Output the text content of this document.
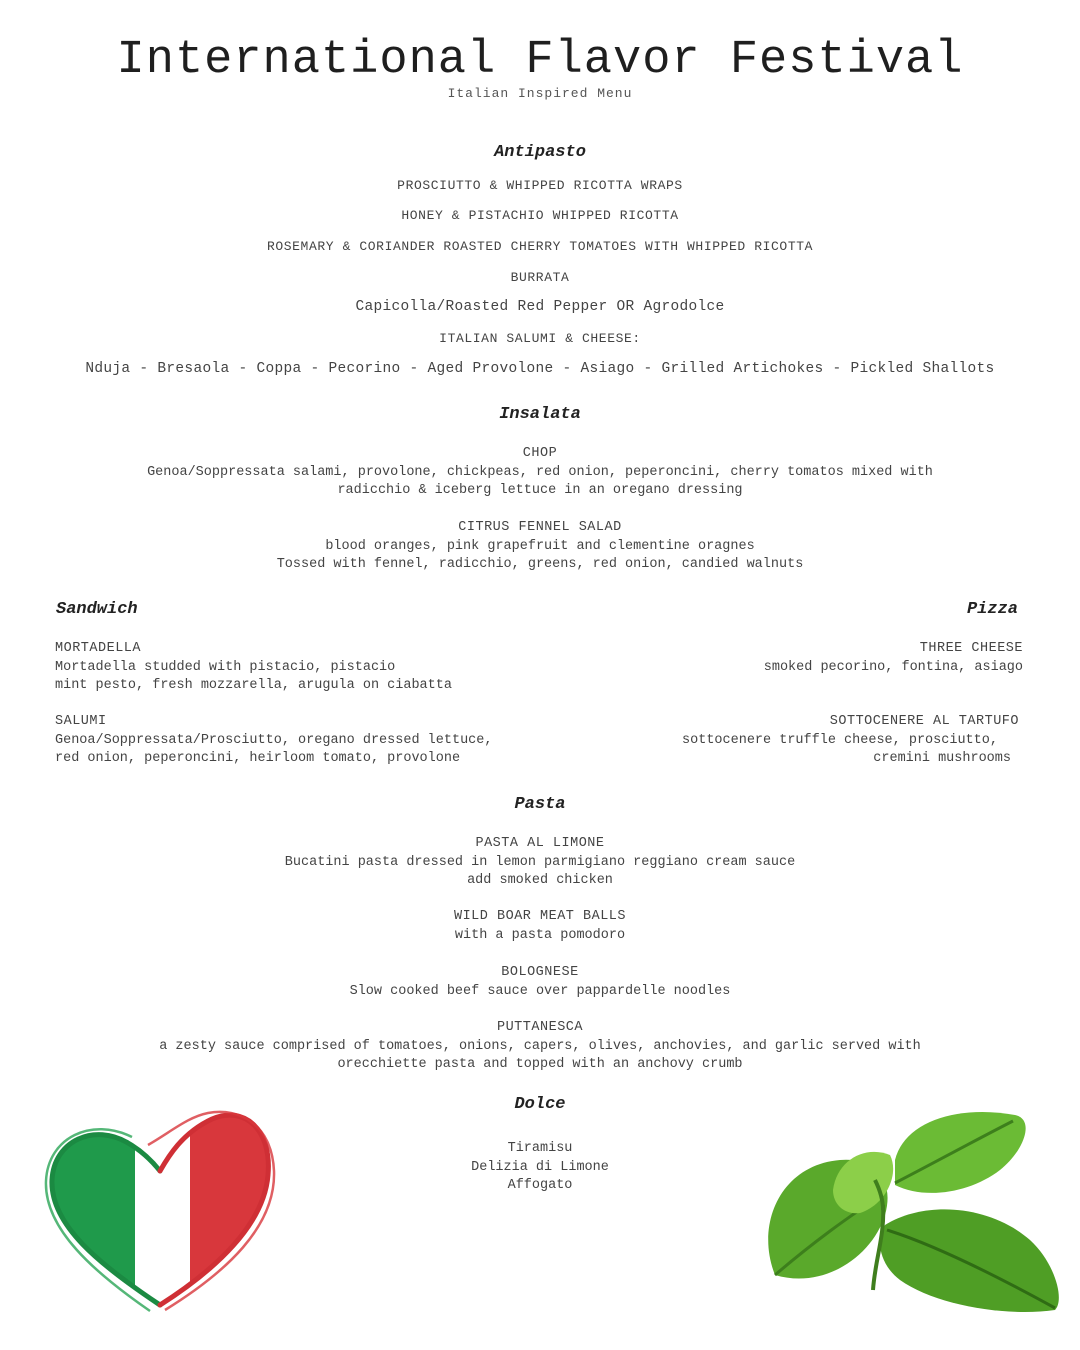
International Flavor Festival
Italian Inspired Menu
Antipasto
PROSCIUTTO & WHIPPED RICOTTA WRAPS
HONEY & PISTACHIO WHIPPED RICOTTA
ROSEMARY & CORIANDER ROASTED CHERRY TOMATOES WITH WHIPPED RICOTTA
BURRATA
Capicolla/Roasted Red Pepper OR Agrodolce
ITALIAN SALUMI & CHEESE:
Nduja - Bresaola - Coppa - Pecorino - Aged Provolone - Asiago - Grilled Artichokes - Pickled Shallots
Insalata
CHOP
Genoa/Soppressata salami, provolone, chickpeas, red onion, peperoncini, cherry tomatos mixed with
radicchio & iceberg lettuce in an oregano dressing
CITRUS FENNEL SALAD
blood oranges, pink grapefruit and clementine oragnes
Tossed with fennel, radicchio, greens, red onion, candied walnuts
Sandwich
MORTADELLA
Mortadella studded with pistacio, pistacio
mint pesto, fresh mozzarella, arugula on ciabatta
SALUMI
Genoa/Soppressata/Prosciutto, oregano dressed lettuce,
red onion, peperoncini, heirloom tomato, provolone
Pizza
THREE CHEESE
smoked pecorino, fontina, asiago
SOTTOCENERE AL TARTUFO
sottocenere truffle cheese, prosciutto,
cremini mushrooms
Pasta
PASTA AL LIMONE
Bucatini pasta dressed in lemon parmigiano reggiano cream sauce
add smoked chicken
WILD BOAR MEAT BALLS
with a pasta pomodoro
BOLOGNESE
Slow cooked beef sauce over pappardelle noodles
PUTTANESCA
a zesty sauce comprised of tomatoes, onions, capers, olives, anchovies, and garlic served with
orecchiette pasta and topped with an anchovy crumb
Dolce
Tiramisu
Delizia di Limone
Affogato
